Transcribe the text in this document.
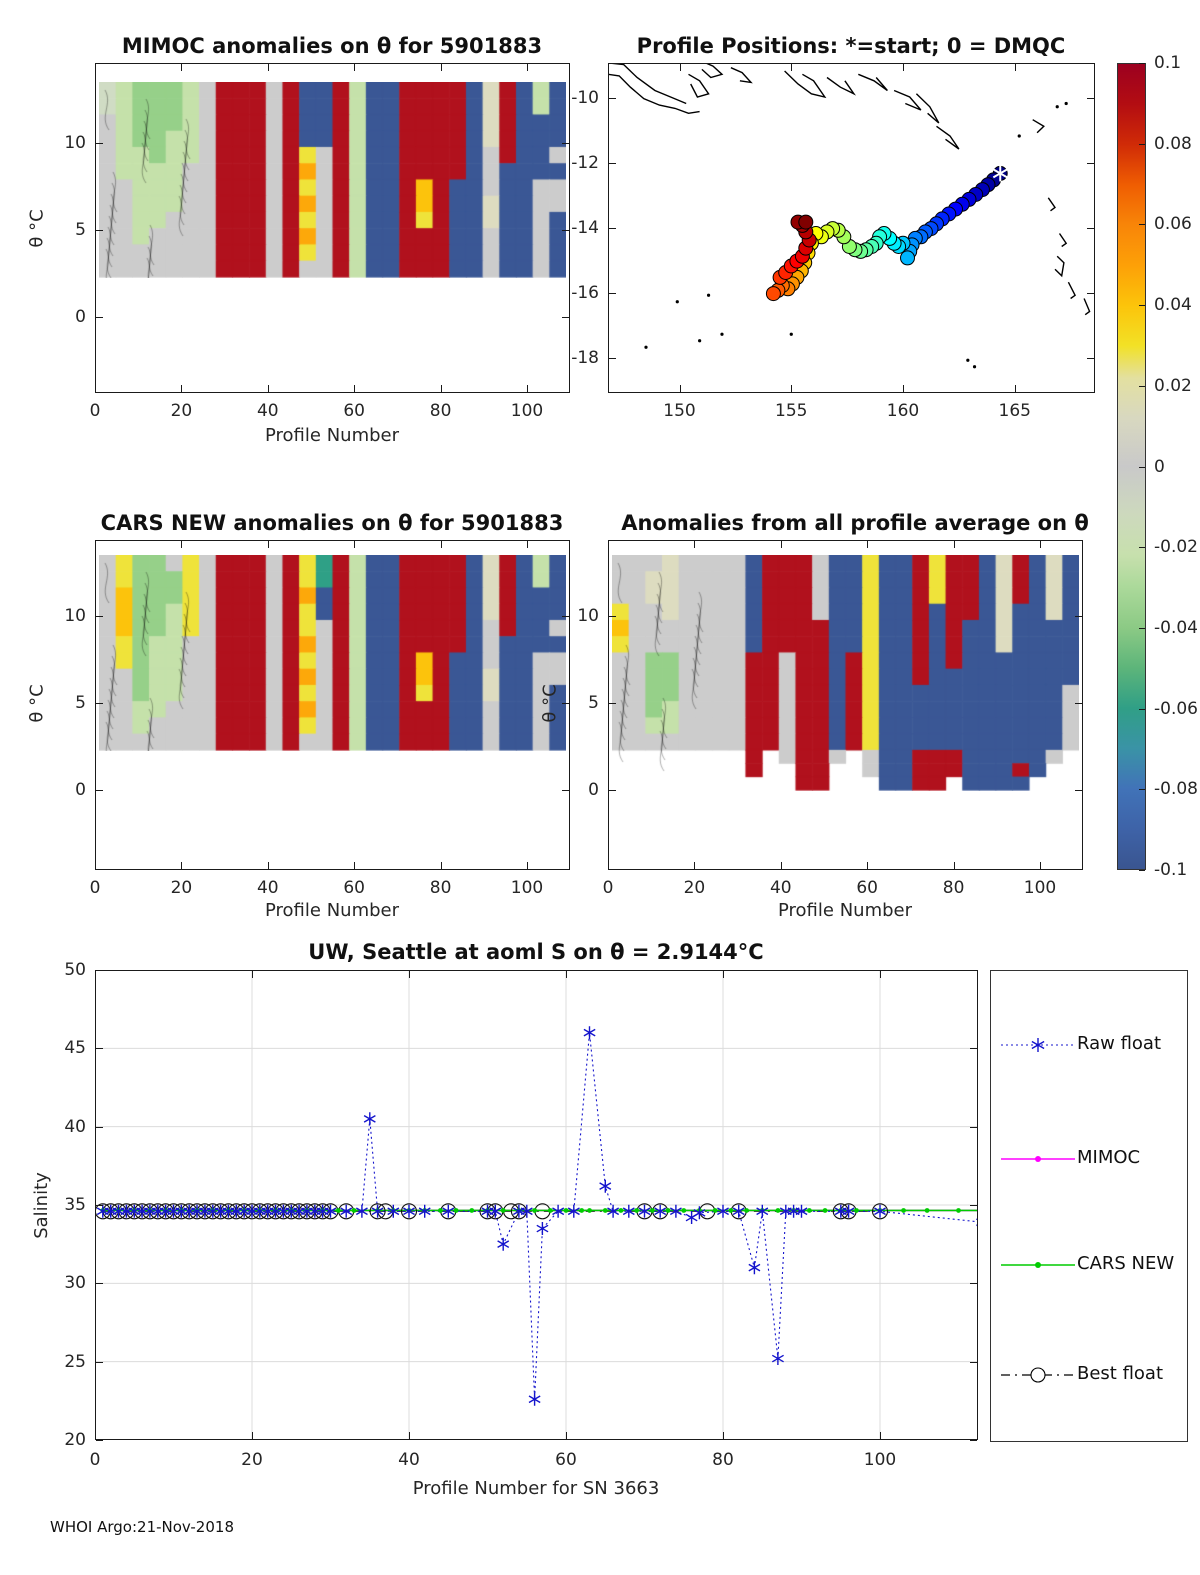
MIMOC anomalies on θ for 5901883	Profile Positions: *=start; 0 = DMQC
CARS NEW anomalies on θ for 5901883	Anomalies from all profile average on θ
UW, Seattle at aoml S on θ = 2.9144°C
Profile Number
θ °C
Profile Number
θ °C
Profile Number
θ °C
Profile Number for SN 3663
Salinity
Raw float
MIMOC
CARS NEW
Best float
WHOI Argo:21-Nov-2018
0	20	40	60	80	100
0
5
10
0	20	40	60	80	100
0
5
10
0	20	40	60	80	100
0
5
10
150	155	160	165
-10
-12
-14
-16
-18
0.1
0.08
0.06
0.04
0.02
0
-0.02
-0.04
-0.06
-0.08
-0.1
0	20	40	60	80	100
20
25
30
35
40
45
50
